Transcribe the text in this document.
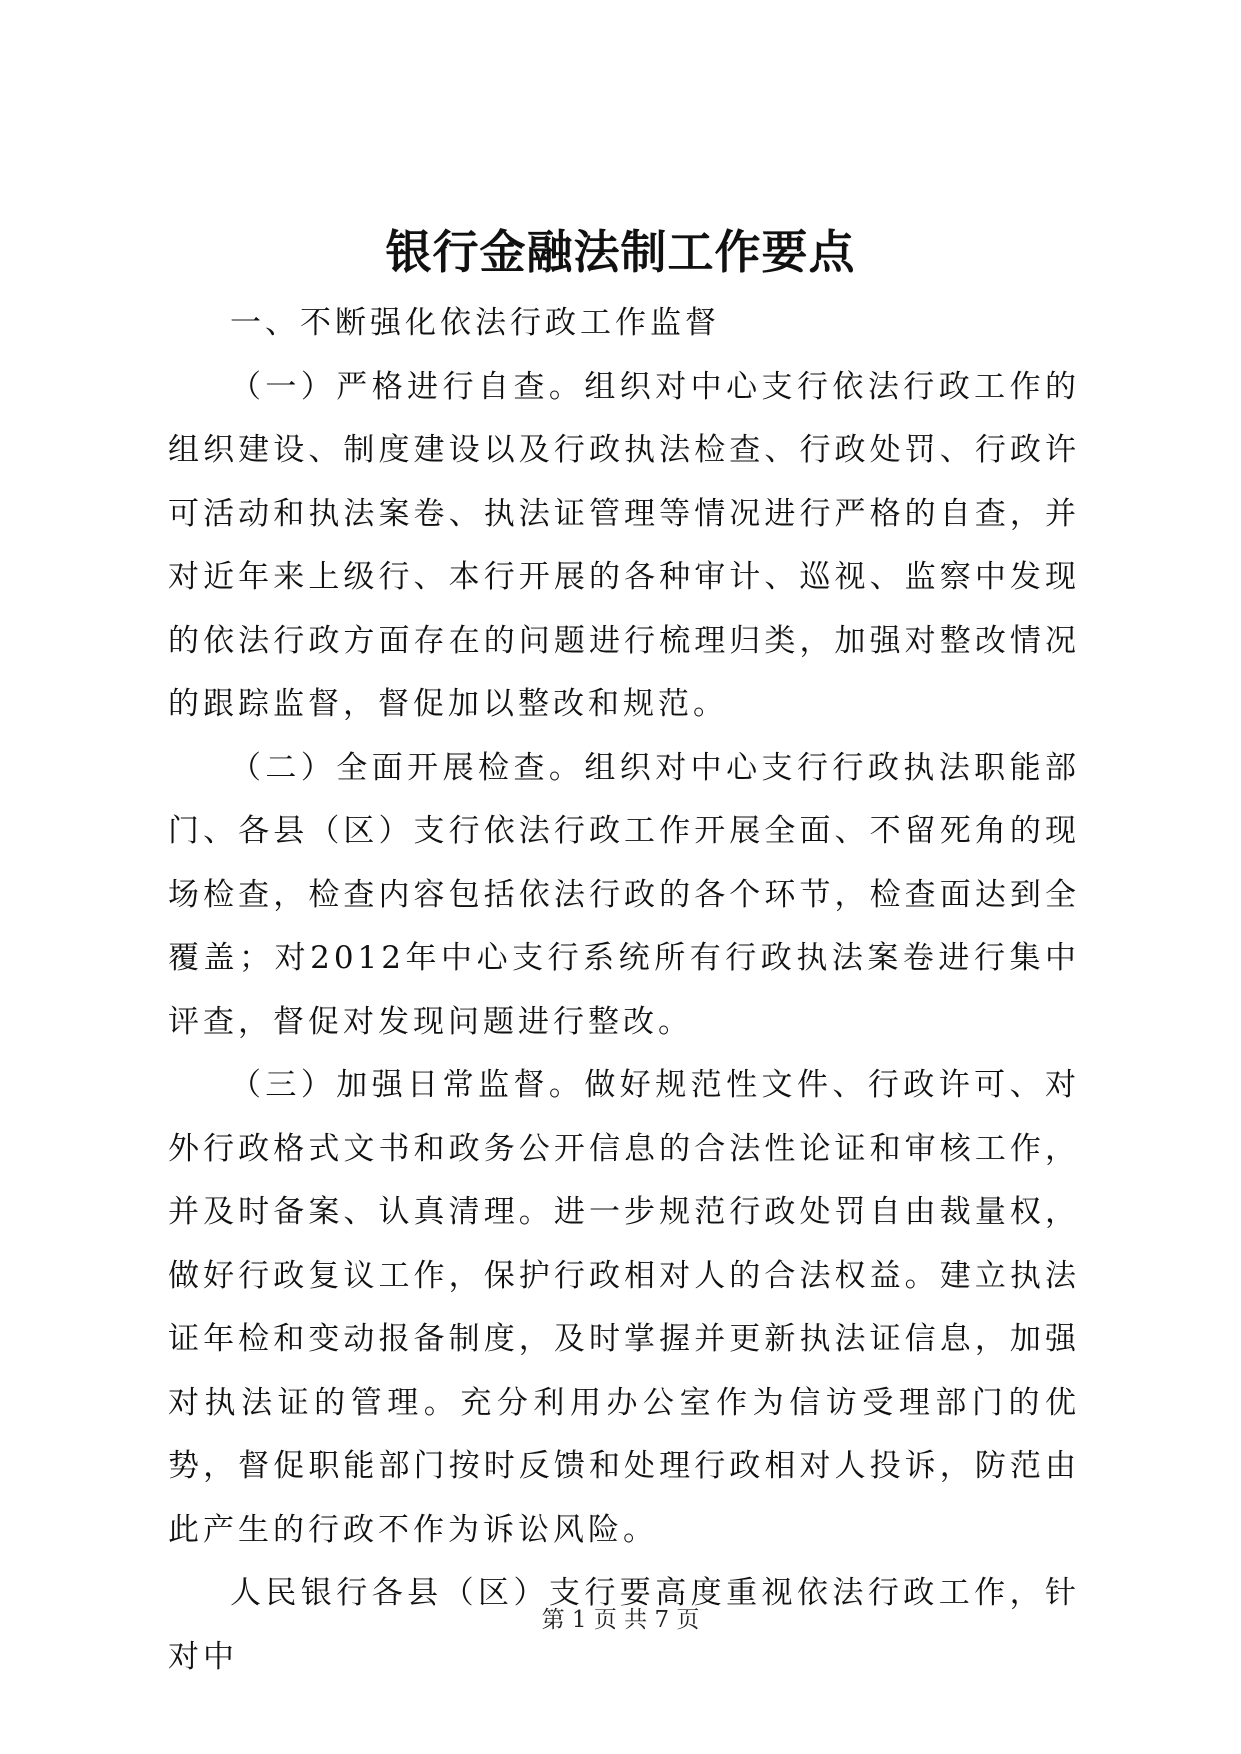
银行金融法制工作要点

一、不断强化依法行政工作监督

（一）严格进行自查。组织对中心支行依法行政工作的组织建设、制度建设以及行政执法检查、行政处罚、行政许可活动和执法案卷、执法证管理等情况进行严格的自查，并对近年来上级行、本行开展的各种审计、巡视、监察中发现的依法行政方面存在的问题进行梳理归类，加强对整改情况的跟踪监督，督促加以整改和规范。

（二）全面开展检查。组织对中心支行行政执法职能部门、各县（区）支行依法行政工作开展全面、不留死角的现场检查，检查内容包括依法行政的各个环节，检查面达到全覆盖；对2012年中心支行系统所有行政执法案卷进行集中评查，督促对发现问题进行整改。

（三）加强日常监督。做好规范性文件、行政许可、对外行政格式文书和政务公开信息的合法性论证和审核工作，并及时备案、认真清理。进一步规范行政处罚自由裁量权，做好行政复议工作，保护行政相对人的合法权益。建立执法证年检和变动报备制度，及时掌握并更新执法证信息，加强对执法证的管理。充分利用办公室作为信访受理部门的优势，督促职能部门按时反馈和处理行政相对人投诉，防范由此产生的行政不作为诉讼风险。

人民银行各县（区）支行要高度重视依法行政工作，针对中

第 1 页 共 7 页
